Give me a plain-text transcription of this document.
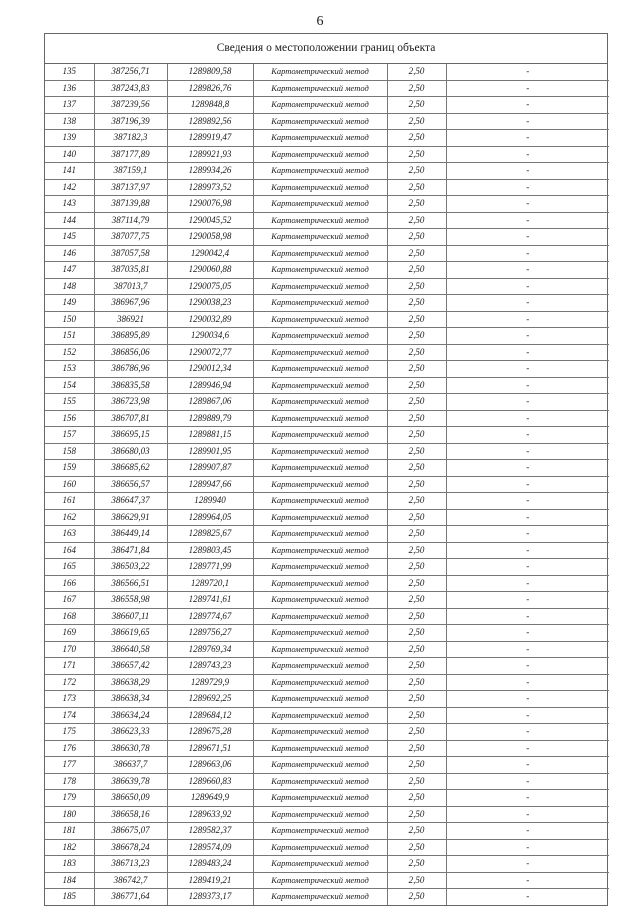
6
Сведения о местоположении границ объекта
135	387256,71	1289809,58	Картометрический метод	2,50	-
136	387243,83	1289826,76	Картометрический метод	2,50	-
137	387239,56	1289848,8	Картометрический метод	2,50	-
138	387196,39	1289892,56	Картометрический метод	2,50	-
139	387182,3	1289919,47	Картометрический метод	2,50	-
140	387177,89	1289921,93	Картометрический метод	2,50	-
141	387159,1	1289934,26	Картометрический метод	2,50	-
142	387137,97	1289973,52	Картометрический метод	2,50	-
143	387139,88	1290076,98	Картометрический метод	2,50	-
144	387114,79	1290045,52	Картометрический метод	2,50	-
145	387077,75	1290058,98	Картометрический метод	2,50	-
146	387057,58	1290042,4	Картометрический метод	2,50	-
147	387035,81	1290060,88	Картометрический метод	2,50	-
148	387013,7	1290075,05	Картометрический метод	2,50	-
149	386967,96	1290038,23	Картометрический метод	2,50	-
150	386921	1290032,89	Картометрический метод	2,50	-
151	386895,89	1290034,6	Картометрический метод	2,50	-
152	386856,06	1290072,77	Картометрический метод	2,50	-
153	386786,96	1290012,34	Картометрический метод	2,50	-
154	386835,58	1289946,94	Картометрический метод	2,50	-
155	386723,98	1289867,06	Картометрический метод	2,50	-
156	386707,81	1289889,79	Картометрический метод	2,50	-
157	386695,15	1289881,15	Картометрический метод	2,50	-
158	386680,03	1289901,95	Картометрический метод	2,50	-
159	386685,62	1289907,87	Картометрический метод	2,50	-
160	386656,57	1289947,66	Картометрический метод	2,50	-
161	386647,37	1289940	Картометрический метод	2,50	-
162	386629,91	1289964,05	Картометрический метод	2,50	-
163	386449,14	1289825,67	Картометрический метод	2,50	-
164	386471,84	1289803,45	Картометрический метод	2,50	-
165	386503,22	1289771,99	Картометрический метод	2,50	-
166	386566,51	1289720,1	Картометрический метод	2,50	-
167	386558,98	1289741,61	Картометрический метод	2,50	-
168	386607,11	1289774,67	Картометрический метод	2,50	-
169	386619,65	1289756,27	Картометрический метод	2,50	-
170	386640,58	1289769,34	Картометрический метод	2,50	-
171	386657,42	1289743,23	Картометрический метод	2,50	-
172	386638,29	1289729,9	Картометрический метод	2,50	-
173	386638,34	1289692,25	Картометрический метод	2,50	-
174	386634,24	1289684,12	Картометрический метод	2,50	-
175	386623,33	1289675,28	Картометрический метод	2,50	-
176	386630,78	1289671,51	Картометрический метод	2,50	-
177	386637,7	1289663,06	Картометрический метод	2,50	-
178	386639,78	1289660,83	Картометрический метод	2,50	-
179	386650,09	1289649,9	Картометрический метод	2,50	-
180	386658,16	1289633,92	Картометрический метод	2,50	-
181	386675,07	1289582,37	Картометрический метод	2,50	-
182	386678,24	1289574,09	Картометрический метод	2,50	-
183	386713,23	1289483,24	Картометрический метод	2,50	-
184	386742,7	1289419,21	Картометрический метод	2,50	-
185	386771,64	1289373,17	Картометрический метод	2,50	-
